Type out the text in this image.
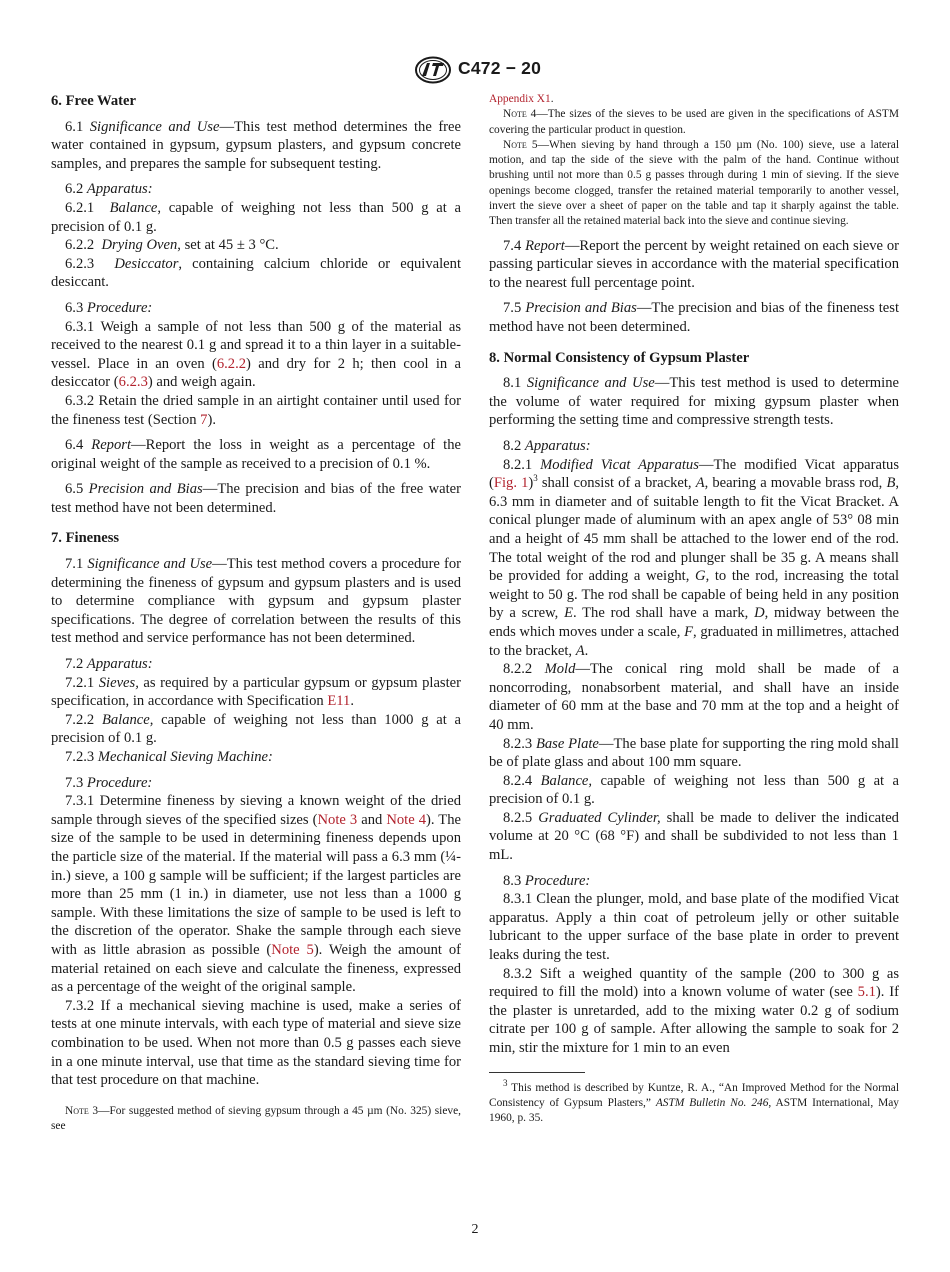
C472 − 20
6. Free Water

6.1 Significance and Use—This test method determines the free water contained in gypsum, gypsum plasters, and gypsum concrete samples, and prepares the sample for subsequent testing.

6.2 Apparatus:

6.2.1 Balance, capable of weighing not less than 500 g at a precision of 0.1 g.

6.2.2 Drying Oven, set at 45 ± 3 °C.

6.2.3 Desiccator, containing calcium chloride or equivalent desiccant.

6.3 Procedure:

6.3.1 Weigh a sample of not less than 500 g of the material as received to the nearest 0.1 g and spread it to a thin layer in a suitable-vessel. Place in an oven (6.2.2) and dry for 2 h; then cool in a desiccator (6.2.3) and weigh again.

6.3.2 Retain the dried sample in an airtight container until used for the fineness test (Section 7).

6.4 Report—Report the loss in weight as a percentage of the original weight of the sample as received to a precision of 0.1 %.

6.5 Precision and Bias—The precision and bias of the free water test method have not been determined.

7. Fineness

7.1 Significance and Use—This test method covers a procedure for determining the fineness of gypsum and gypsum plasters and is used to determine compliance with gypsum and gypsum plaster specifications. The degree of correlation between the results of this test method and service performance has not been determined.

7.2 Apparatus:

7.2.1 Sieves, as required by a particular gypsum or gypsum plaster specification, in accordance with Specification E11.

7.2.2 Balance, capable of weighing not less than 1000 g at a precision of 0.1 g.

7.2.3 Mechanical Sieving Machine:

7.3 Procedure:

7.3.1 Determine fineness by sieving a known weight of the dried sample through sieves of the specified sizes (Note 3 and Note 4). The size of the sample to be used in determining fineness depends upon the particle size of the material. If the material will pass a 6.3 mm (¼-in.) sieve, a 100 g sample will be sufficient; if the largest particles are more than 25 mm (1 in.) in diameter, use not less than a 1000 g sample. With these limitations the size of sample to be used is left to the discretion of the operator. Shake the sample through each sieve with as little abrasion as possible (Note 5). Weigh the amount of material retained on each sieve and calculate the fineness, expressed as a percentage of the weight of the original sample.

7.3.2 If a mechanical sieving machine is used, make a series of tests at one minute intervals, with each type of material and sieve size combination to be used. When not more than 0.5 g passes each sieve in a one minute interval, use that time as the standard sieving time for that test procedure on that machine.

Note 3—For suggested method of sieving gypsum through a 45 µm (No. 325) sieve, see

Appendix X1.

Note 4—The sizes of the sieves to be used are given in the specifications of ASTM covering the particular product in question.

Note 5—When sieving by hand through a 150 µm (No. 100) sieve, use a lateral motion, and tap the side of the sieve with the palm of the hand. Continue without brushing until not more than 0.5 g passes through during 1 min of sieving. If the sieve openings become clogged, transfer the retained material temporarily to another vessel, invert the sieve over a sheet of paper on the table and tap it sharply against the table. Then transfer all the retained material back into the sieve and continue sieving.

7.4 Report—Report the percent by weight retained on each sieve or passing particular sieves in accordance with the material specification to the nearest full percentage point.

7.5 Precision and Bias—The precision and bias of the fineness test method have not been determined.

8. Normal Consistency of Gypsum Plaster

8.1 Significance and Use—This test method is used to determine the volume of water required for mixing gypsum plaster when performing the setting time and compressive strength tests.

8.2 Apparatus:

8.2.1 Modified Vicat Apparatus—The modified Vicat apparatus (Fig. 1)$^3$ shall consist of a bracket, A, bearing a movable brass rod, B, 6.3 mm in diameter and of suitable length to fit the Vicat Bracket. A conical plunger made of aluminum with an apex angle of 53° 08 min and a height of 45 mm shall be attached to the lower end of the rod. The total weight of the rod and plunger shall be 35 g. A means shall be provided for adding a weight, G, to the rod, increasing the total weight to 50 g. The rod shall be capable of being held in any position by a screw, E. The rod shall have a mark, D, midway between the ends which moves under a scale, F, graduated in millimetres, attached to the bracket, A.

8.2.2 Mold—The conical ring mold shall be made of a noncorroding, nonabsorbent material, and shall have an inside diameter of 60 mm at the base and 70 mm at the top and a height of 40 mm.

8.2.3 Base Plate—The base plate for supporting the ring mold shall be of plate glass and about 100 mm square.

8.2.4 Balance, capable of weighing not less than 500 g at a precision of 0.1 g.

8.2.5 Graduated Cylinder, shall be made to deliver the indicated volume at 20 °C (68 °F) and shall be subdivided to not less than 1 mL.

8.3 Procedure:

8.3.1 Clean the plunger, mold, and base plate of the modified Vicat apparatus. Apply a thin coat of petroleum jelly or other suitable lubricant to the upper surface of the base plate in order to prevent leaks during the test.

8.3.2 Sift a weighed quantity of the sample (200 to 300 g as required to fill the mold) into a known volume of water (see 5.1). If the plaster is unretarded, add to the mixing water 0.2 g of sodium citrate per 100 g of sample. After allowing the sample to soak for 2 min, stir the mixture for 1 min to an even

$^3$ This method is described by Kuntze, R. A., “An Improved Method for the Normal Consistency of Gypsum Plasters,” ASTM Bulletin No. 246, ASTM International, May 1960, p. 35.

2
